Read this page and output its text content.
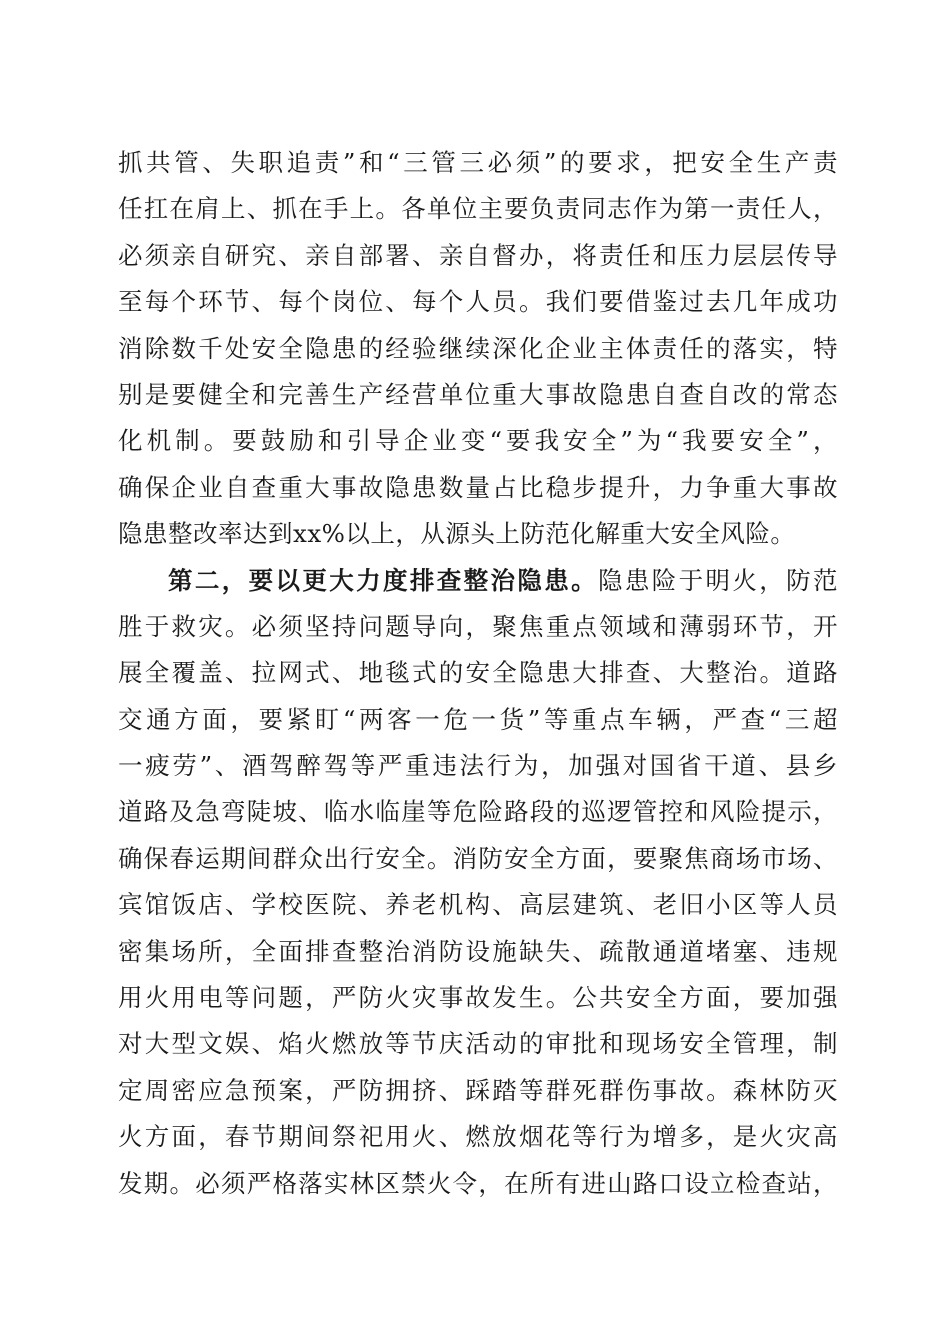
抓共管、失职追责”和“三管三必须”的要求，把安全生产责
任扛在肩上、抓在手上。各单位主要负责同志作为第一责任人，
必须亲自研究、亲自部署、亲自督办，将责任和压力层层传导
至每个环节、每个岗位、每个人员。我们要借鉴过去几年成功
消除数千处安全隐患的经验继续深化企业主体责任的落实，特
别是要健全和完善生产经营单位重大事故隐患自查自改的常态
化机制。要鼓励和引导企业变“要我安全”为“我要安全”，
确保企业自查重大事故隐患数量占比稳步提升，力争重大事故
隐患整改率达到xx%以上，从源头上防范化解重大安全风险。
第二，要以更大力度排查整治隐患。隐患险于明火，防范
胜于救灾。必须坚持问题导向，聚焦重点领域和薄弱环节，开
展全覆盖、拉网式、地毯式的安全隐患大排查、大整治。道路
交通方面，要紧盯“两客一危一货”等重点车辆，严查“三超
一疲劳”、酒驾醉驾等严重违法行为，加强对国省干道、县乡
道路及急弯陡坡、临水临崖等危险路段的巡逻管控和风险提示，
确保春运期间群众出行安全。消防安全方面，要聚焦商场市场、
宾馆饭店、学校医院、养老机构、高层建筑、老旧小区等人员
密集场所，全面排查整治消防设施缺失、疏散通道堵塞、违规
用火用电等问题，严防火灾事故发生。公共安全方面，要加强
对大型文娱、焰火燃放等节庆活动的审批和现场安全管理，制
定周密应急预案，严防拥挤、踩踏等群死群伤事故。森林防灭
火方面，春节期间祭祀用火、燃放烟花等行为增多，是火灾高
发期。必须严格落实林区禁火令，在所有进山路口设立检查站，
